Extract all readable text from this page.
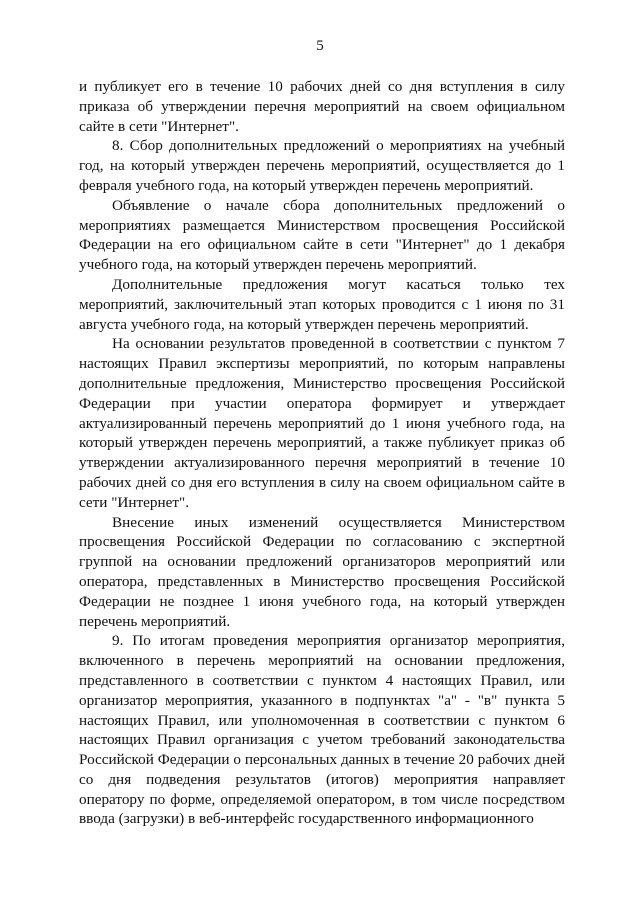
5

и публикует его в течение 10 рабочих дней со дня вступления в силу приказа об утверждении перечня мероприятий на своем официальном сайте в сети "Интернет".

8. Сбор дополнительных предложений о мероприятиях на учебный год, на который утвержден перечень мероприятий, осуществляется до 1 февраля учебного года, на который утвержден перечень мероприятий.

Объявление о начале сбора дополнительных предложений о мероприятиях размещается Министерством просвещения Российской Федерации на его официальном сайте в сети "Интернет" до 1 декабря учебного года, на который утвержден перечень мероприятий.

Дополнительные предложения могут касаться только тех мероприятий, заключительный этап которых проводится с 1 июня по 31 августа учебного года, на который утвержден перечень мероприятий.

На основании результатов проведенной в соответствии с пунктом 7 настоящих Правил экспертизы мероприятий, по которым направлены дополнительные предложения, Министерство просвещения Российской Федерации при участии оператора формирует и утверждает актуализированный перечень мероприятий до 1 июня учебного года, на который утвержден перечень мероприятий, а также публикует приказ об утверждении актуализированного перечня мероприятий в течение 10 рабочих дней со дня его вступления в силу на своем официальном сайте в сети "Интернет".

Внесение иных изменений осуществляется Министерством просвещения Российской Федерации по согласованию с экспертной группой на основании предложений организаторов мероприятий или оператора, представленных в Министерство просвещения Российской Федерации не позднее 1 июня учебного года, на который утвержден перечень мероприятий.

9. По итогам проведения мероприятия организатор мероприятия, включенного в перечень мероприятий на основании предложения, представленного в соответствии с пунктом 4 настоящих Правил, или организатор мероприятия, указанного в подпунктах "а" - "в" пункта 5 настоящих Правил, или уполномоченная в соответствии с пунктом 6 настоящих Правил организация с учетом требований законодательства Российской Федерации о персональных данных в течение 20 рабочих дней со дня подведения результатов (итогов) мероприятия направляет оператору по форме, определяемой оператором, в том числе посредством ввода (загрузки) в веб-интерфейс государственного информационного
